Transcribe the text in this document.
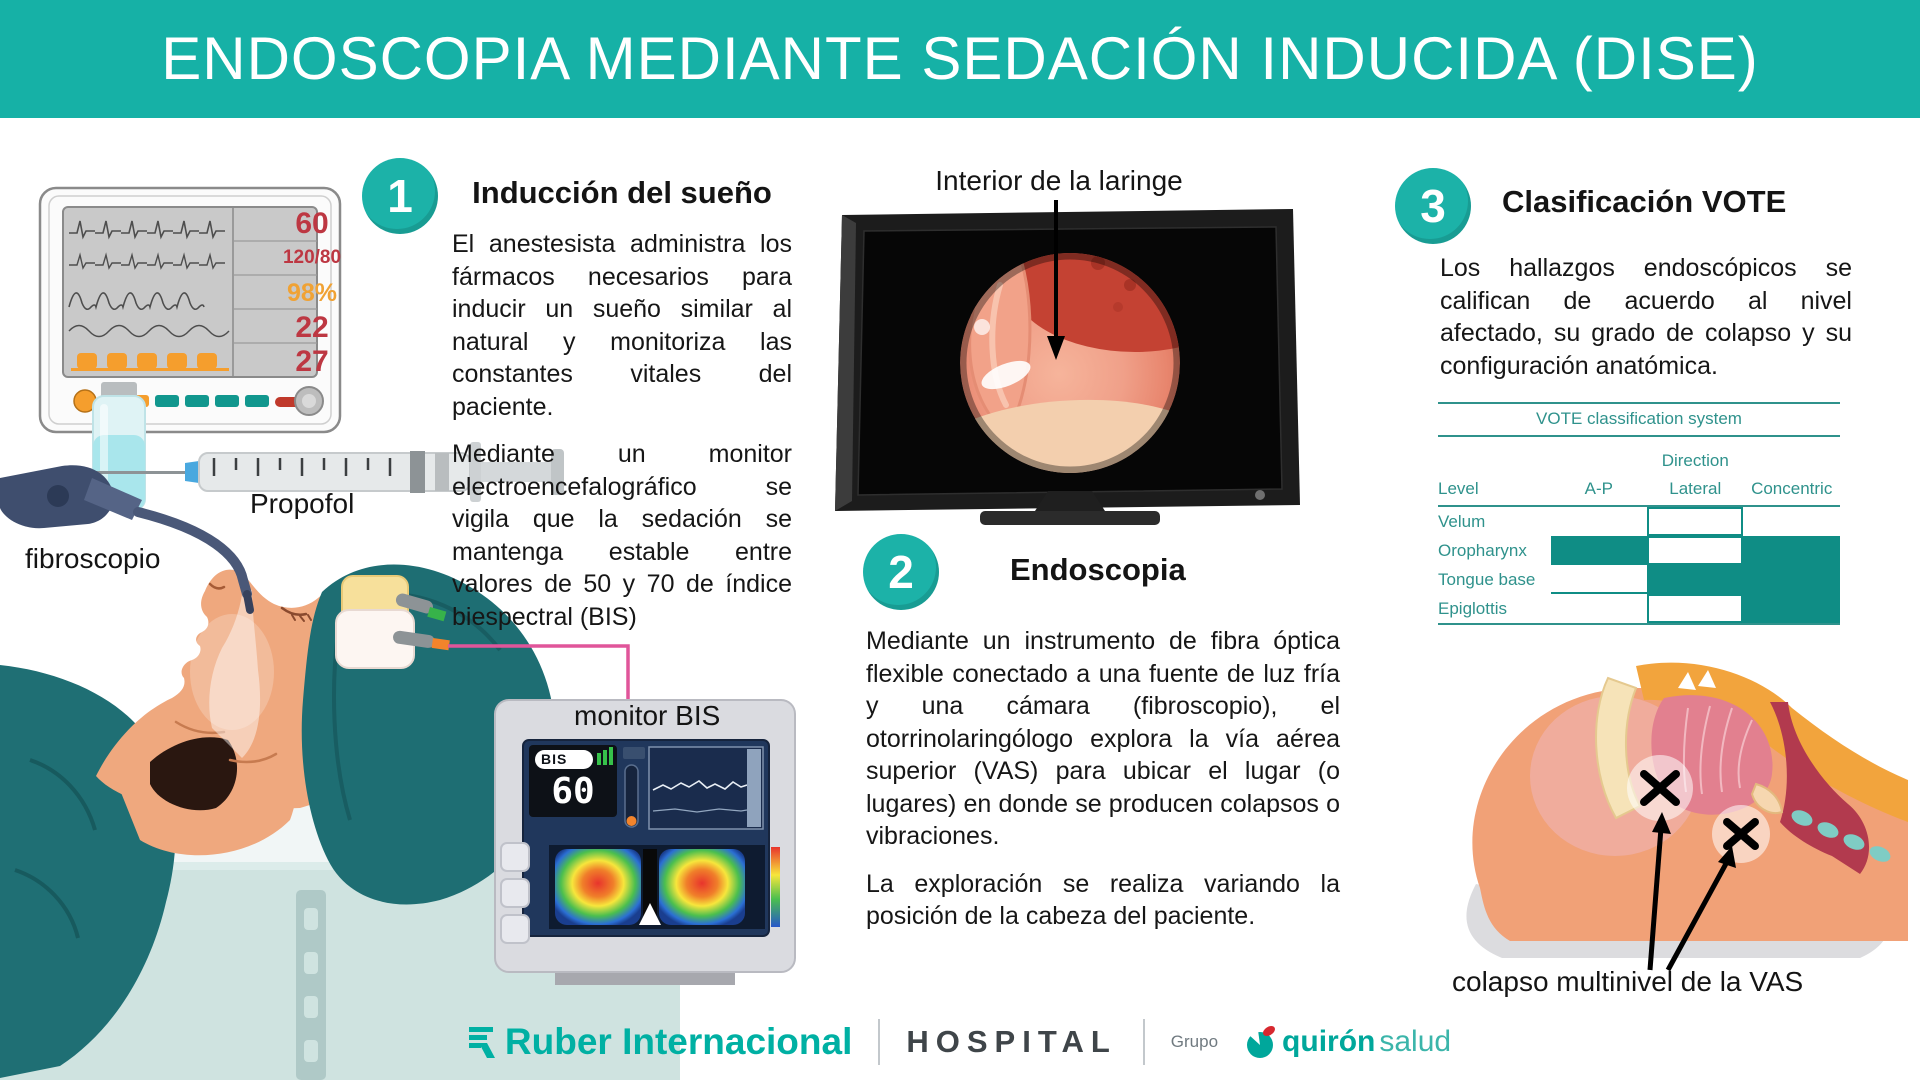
ENDOSCOPIA MEDIANTE SEDACIÓN INDUCIDA (DISE)
60
120/80
98%
22
27
BIS
60
monitor BIS
Propofol
fibroscopio
1	Inducción del sueño

El anestesista administra los fármacos necesarios para inducir un sueño similar al natural y monitoriza las constantes vitales del paciente.

Mediante un monitor electroencefalográfico se vigila que la sedación se mantenga estable entre valores de 50 y 70 de índice biespectral (BIS)

Interior de la laringe
2	Endoscopia

Mediante un instrumento de fibra óptica flexible conectado a una fuente de luz fría y una cámara (fibroscopio), el otorrinolaringólogo explora la vía aérea superior (VAS) para ubicar el lugar (o lugares) en donde se producen colapsos o vibraciones.

La exploración se realiza variando la posición de la cabeza del paciente.

3 Clasificación VOTE

Los hallazgos endoscópicos se califican de acuerdo al nivel afectado, su grado de colapso y su configuración anatómica.

VOTE classification system
Direction
Level	A-P	Lateral	Concentric
Velum
Oropharynx
Tongue base
Epiglottis
colapso multinivel de la VAS
Ruber Internacional HOSPITAL	Grupo quirón salud
